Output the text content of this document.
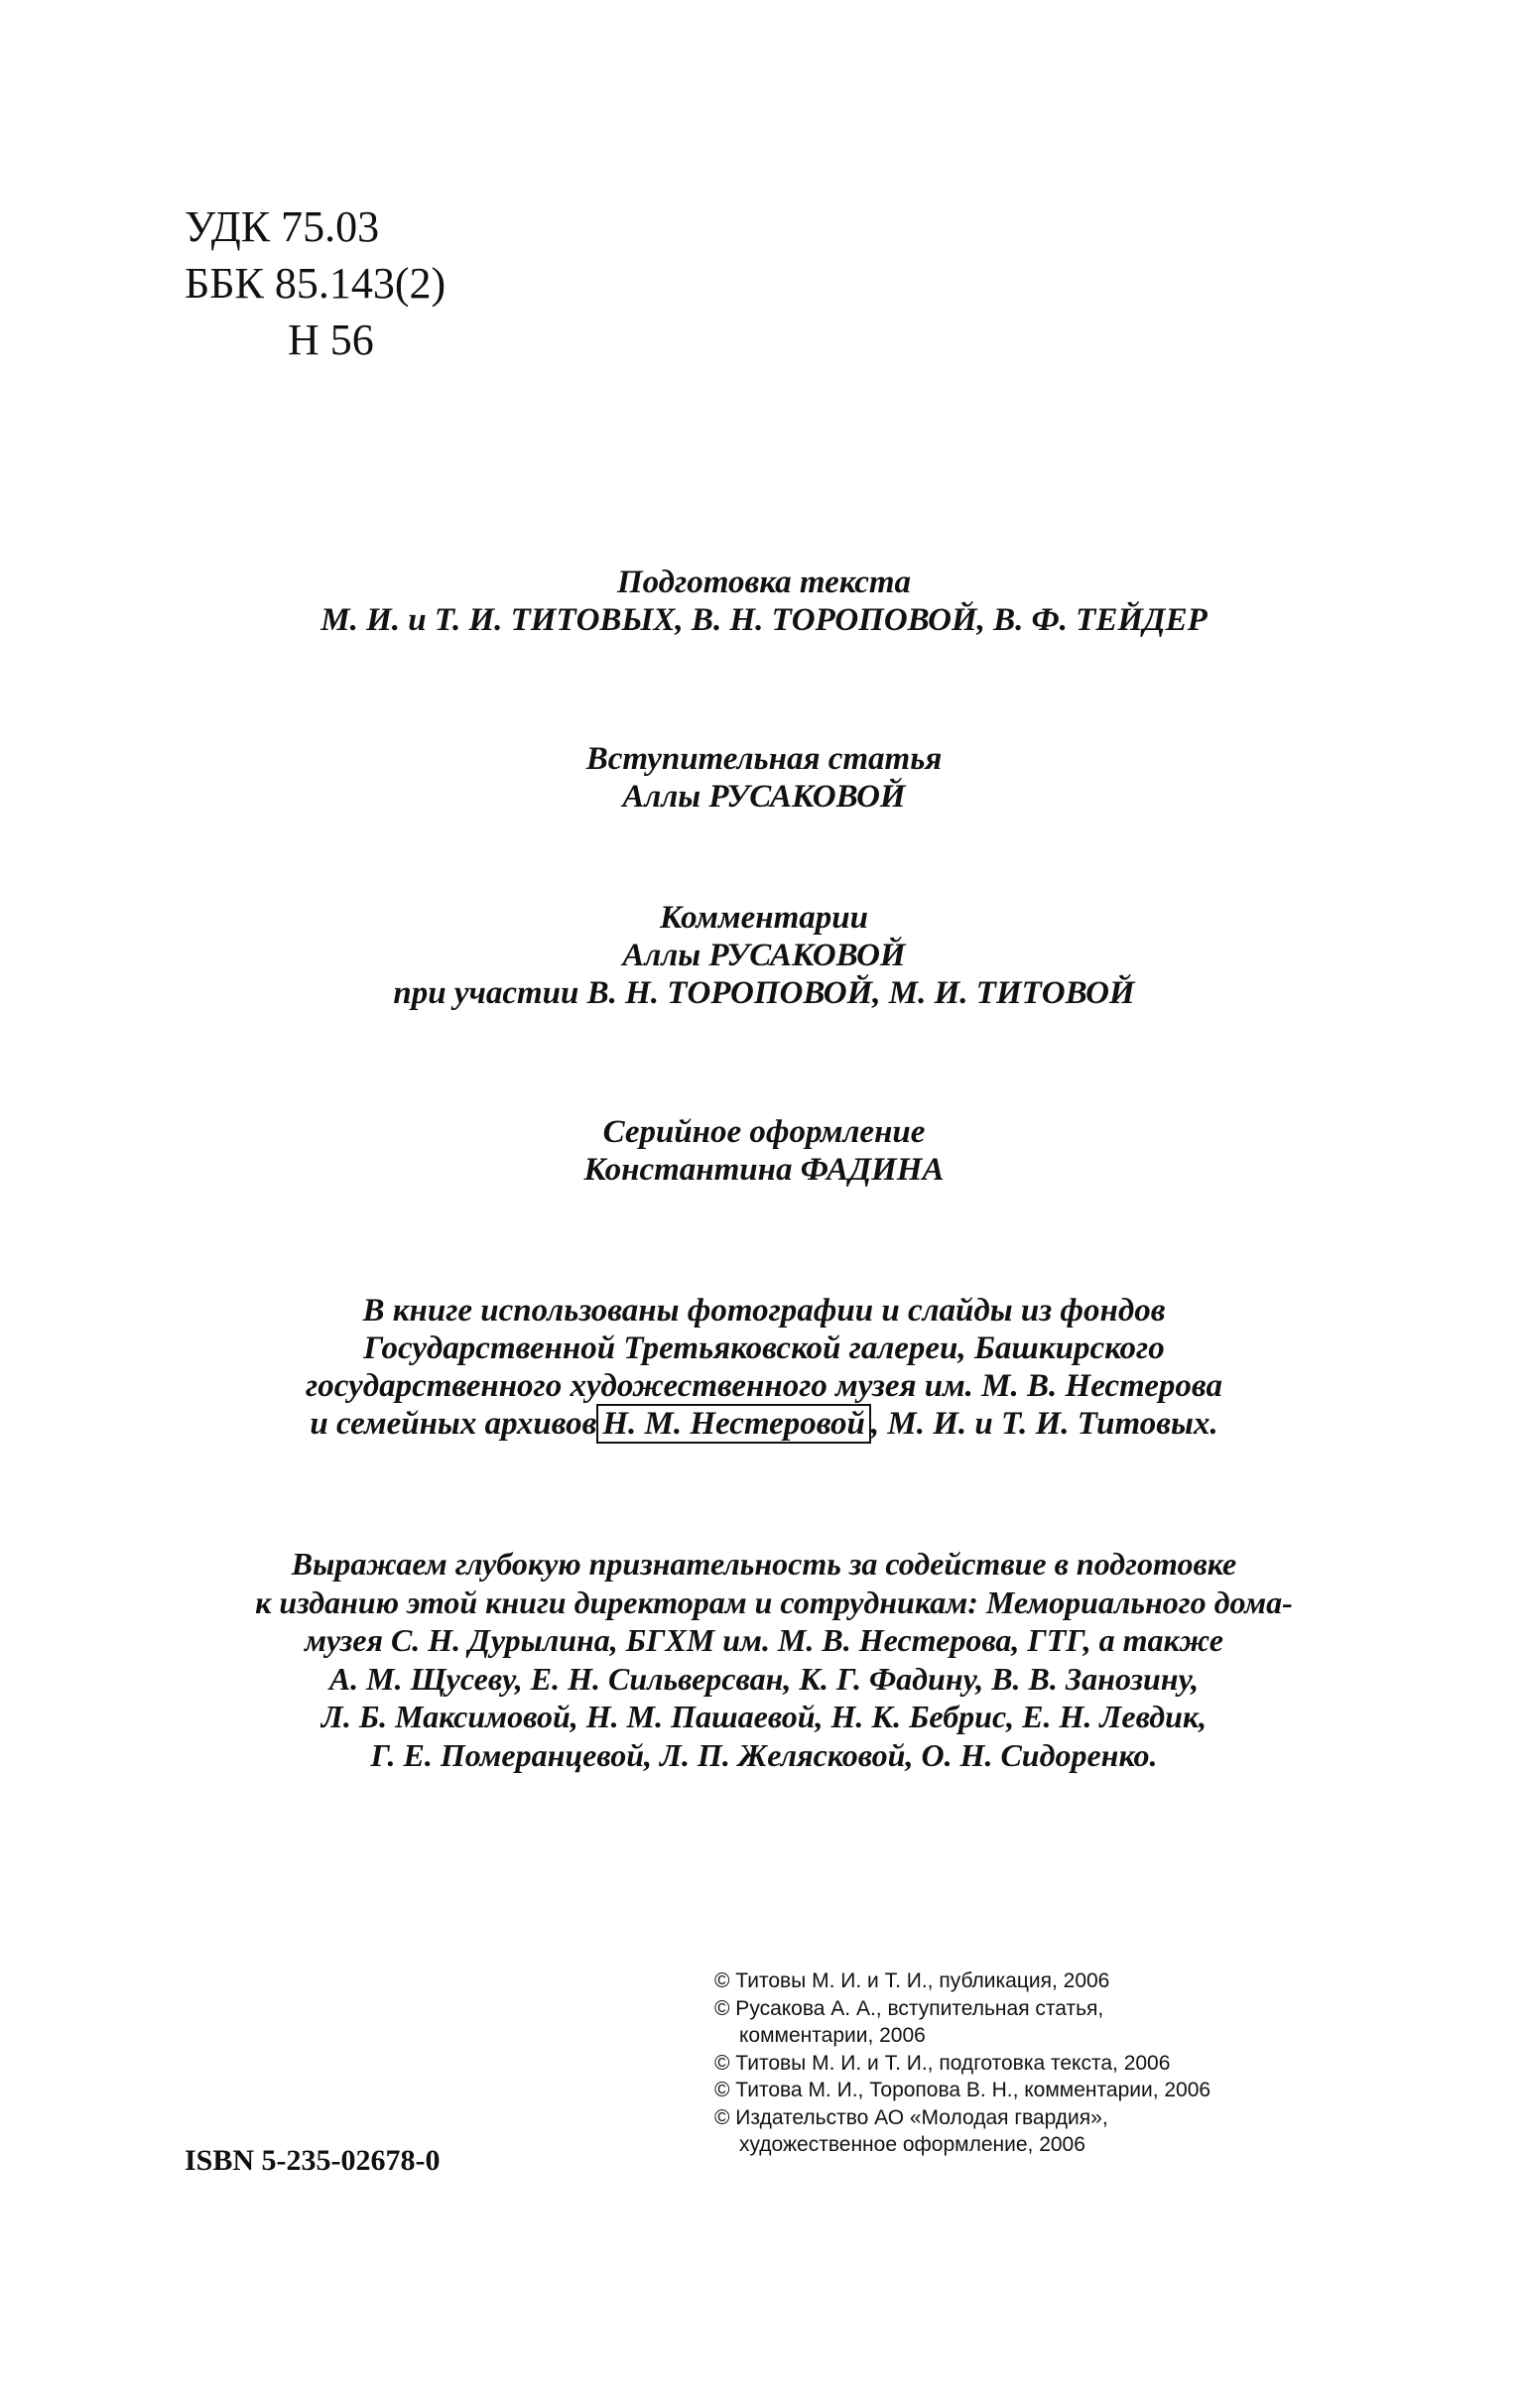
УДК 75.03
ББК 85.143(2)
Н 56
Подготовка текста
М. И. и Т. И. ТИТОВЫХ, В. Н. ТОРОПОВОЙ, В. Ф. ТЕЙДЕР
Вступительная статья
Аллы РУСАКОВОЙ
Комментарии
Аллы РУСАКОВОЙ
при участии В. Н. ТОРОПОВОЙ, М. И. ТИТОВОЙ
Серийное оформление
Константина ФАДИНА
В книге использованы фотографии и слайды из фондов
Государственной Третьяковской галереи, Башкирского
государственного художественного музея им. М. В. Нестерова
и семейных архивов Н. М. Нестеровой , М. И. и Т. И. Титовых.
Выражаем глубокую признательность за содействие в подготовке
к изданию этой книги директорам и сотрудникам: Мемориального дома-
музея С. Н. Дурылина, БГХМ им. М. В. Нестерова, ГТГ, а также
А. М. Щусеву, Е. Н. Сильверсван, К. Г. Фадину, В. В. Занозину,
Л. Б. Максимовой, Н. М. Пашаевой, Н. К. Бебрис, Е. Н. Левдик,
Г. Е. Померанцевой, Л. П. Желясковой, О. Н. Сидоренко.
© Титовы М. И. и Т. И., публикация, 2006
© Русакова А. А., вступительная статья,
комментарии, 2006
© Титовы М. И. и Т. И., подготовка текста, 2006
© Титова М. И., Торопова В. Н., комментарии, 2006
© Издательство АО «Молодая гвардия»,
художественное оформление, 2006
ISBN 5-235-02678-0
